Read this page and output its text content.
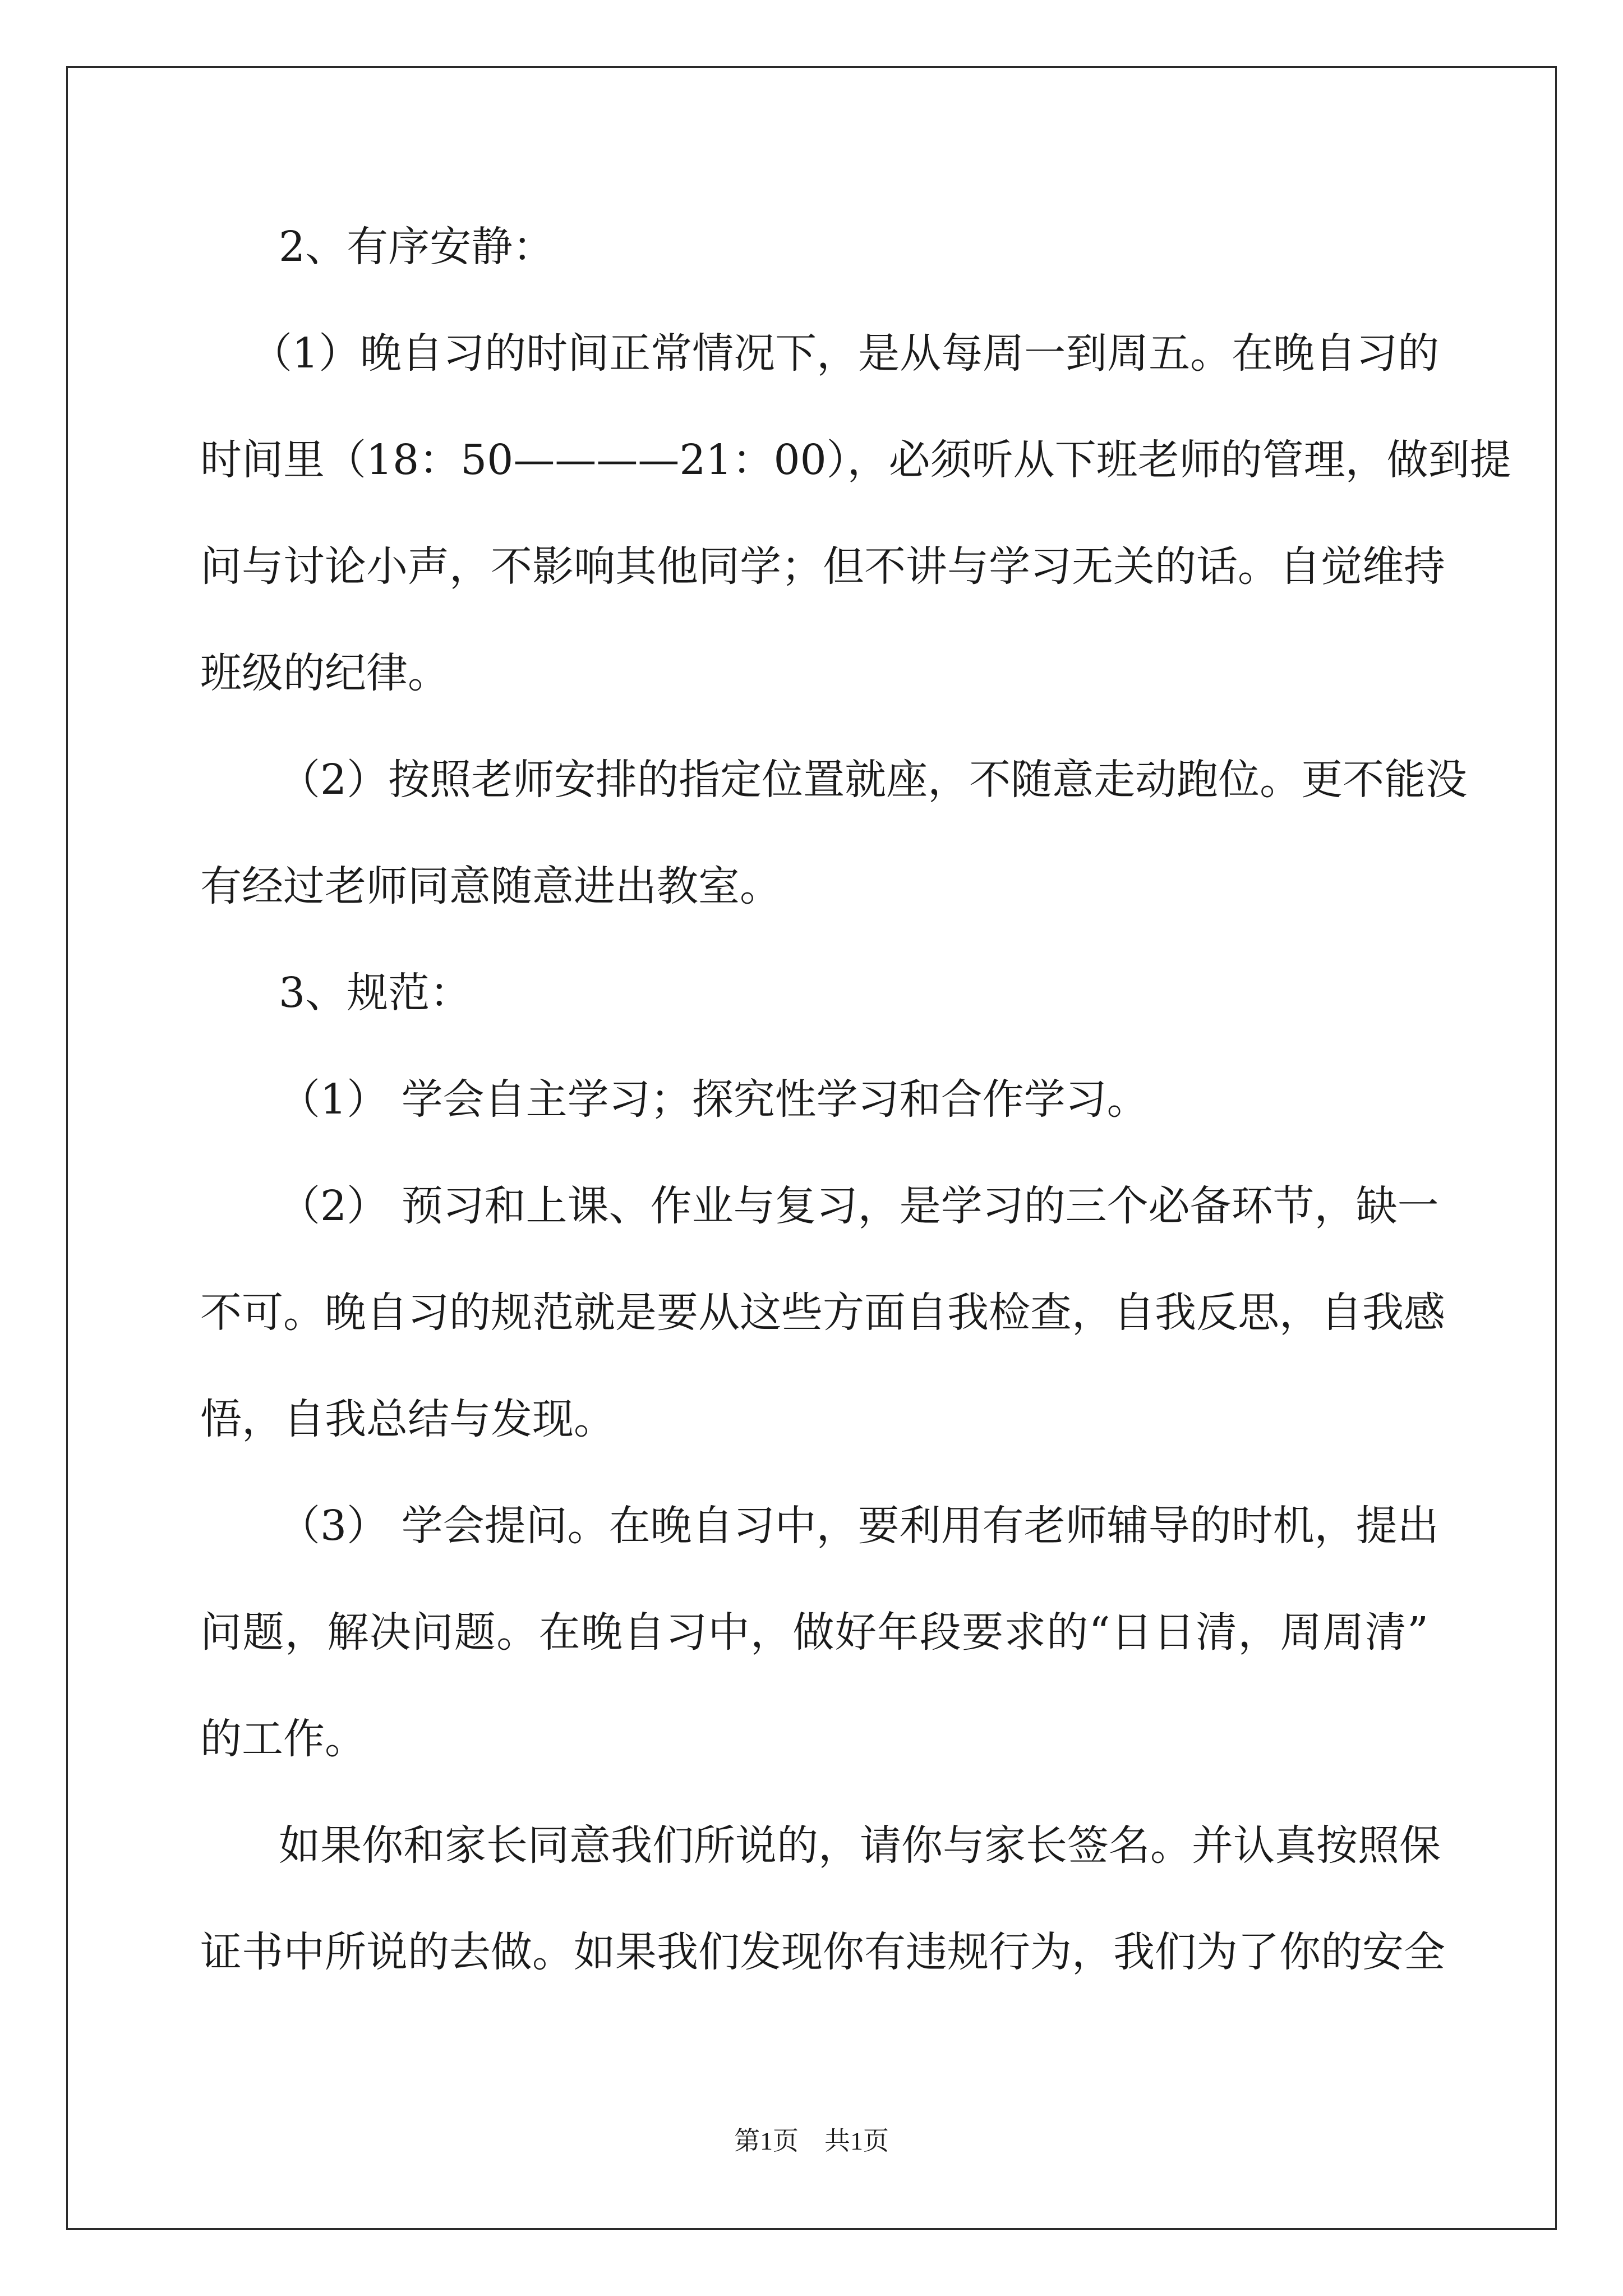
2、有序安静：
（1）晚自习的时间正常情况下，是从每周一到周五。在晚自习的
时间里（18：50————21：00），必须听从下班老师的管理，做到提
问与讨论小声，不影响其他同学；但不讲与学习无关的话。自觉维持
班级的纪律。
（2）按照老师安排的指定位置就座，不随意走动跑位。更不能没
有经过老师同意随意进出教室。
3、规范：
（1） 学会自主学习；探究性学习和合作学习。
（2） 预习和上课、作业与复习，是学习的三个必备环节，缺一
不可。晚自习的规范就是要从这些方面自我检查，自我反思，自我感
悟，自我总结与发现。
（3） 学会提问。在晚自习中，要利用有老师辅导的时机，提出
问题，解决问题。在晚自习中，做好年段要求的“日日清，周周清”
的工作。
如果你和家长同意我们所说的，请你与家长签名。并认真按照保
证书中所说的去做。如果我们发现你有违规行为，我们为了你的安全
第1页　共1页
